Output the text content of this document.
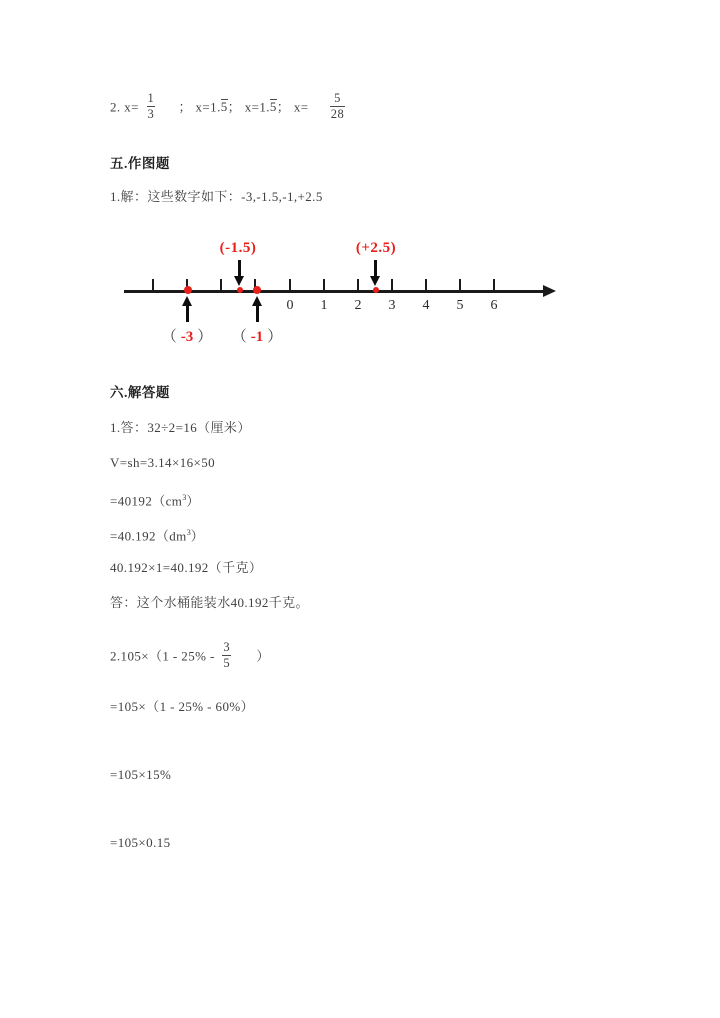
2. $x= \frac{1}{3}$ ； x=1.5； x=1.5； $x= \frac{5}{28}$
五.作图题
1.解：这些数字如下：-3,-1.5,-1,+2.5
0 1 2 3 4 5 6
(-1.5)	(+2.5)
（ -3 ） （ -1 ）
六.解答题
1.答：32÷2=16（厘米）
V=sh=3.14×16×50
$=40192(cm^3)$
$=40.192(dm^3)$
40.192×1=40.192（千克）
答：这个水桶能装水40.192千克。
$2.105\times(1 - 25\% - \frac{3}{5}$ ）
=105×（1 - 25% - 60%）
=105×15%
=105×0.15
